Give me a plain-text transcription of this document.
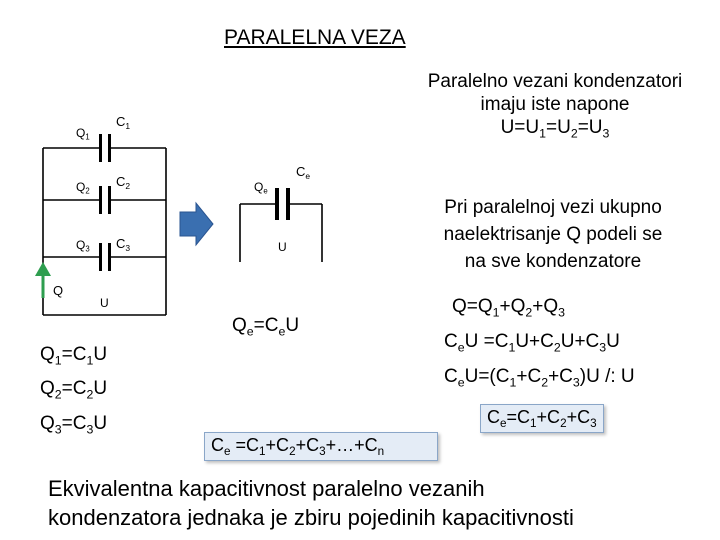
PARALELNA VEZA
Paralelno vezani kondenzatori
imaju iste napone
$U=U_1=U_2=U_3$
Pri paralelnoj vezi ukupno
naelektrisanje Q podeli se
na sve kondenzatore
$Q_1$
$C_1$
$Q_2$
$C_2$
$Q_3$ $C_3$
Q
U
$Q_e$
$C_e$
U
$Q_e=C_eU$
$Q_1=C_1U$
$Q_2=C_2U$
$Q_3=C_3U$
$Q=Q_1+Q_2+Q_3$
$C_eU =C_1U+C_2U+C_3U$
$C_eU=(C_1+C_2+C_3)U$ /: U
$C_e=C_1+C_2+C_3$
$C_e$ $=C_1+C_2+C_3+\dots+C_n$
Ekvivalentna kapacitivnost paralelno vezanih
kondenzatora jednaka je zbiru pojedinih kapacitivnosti
